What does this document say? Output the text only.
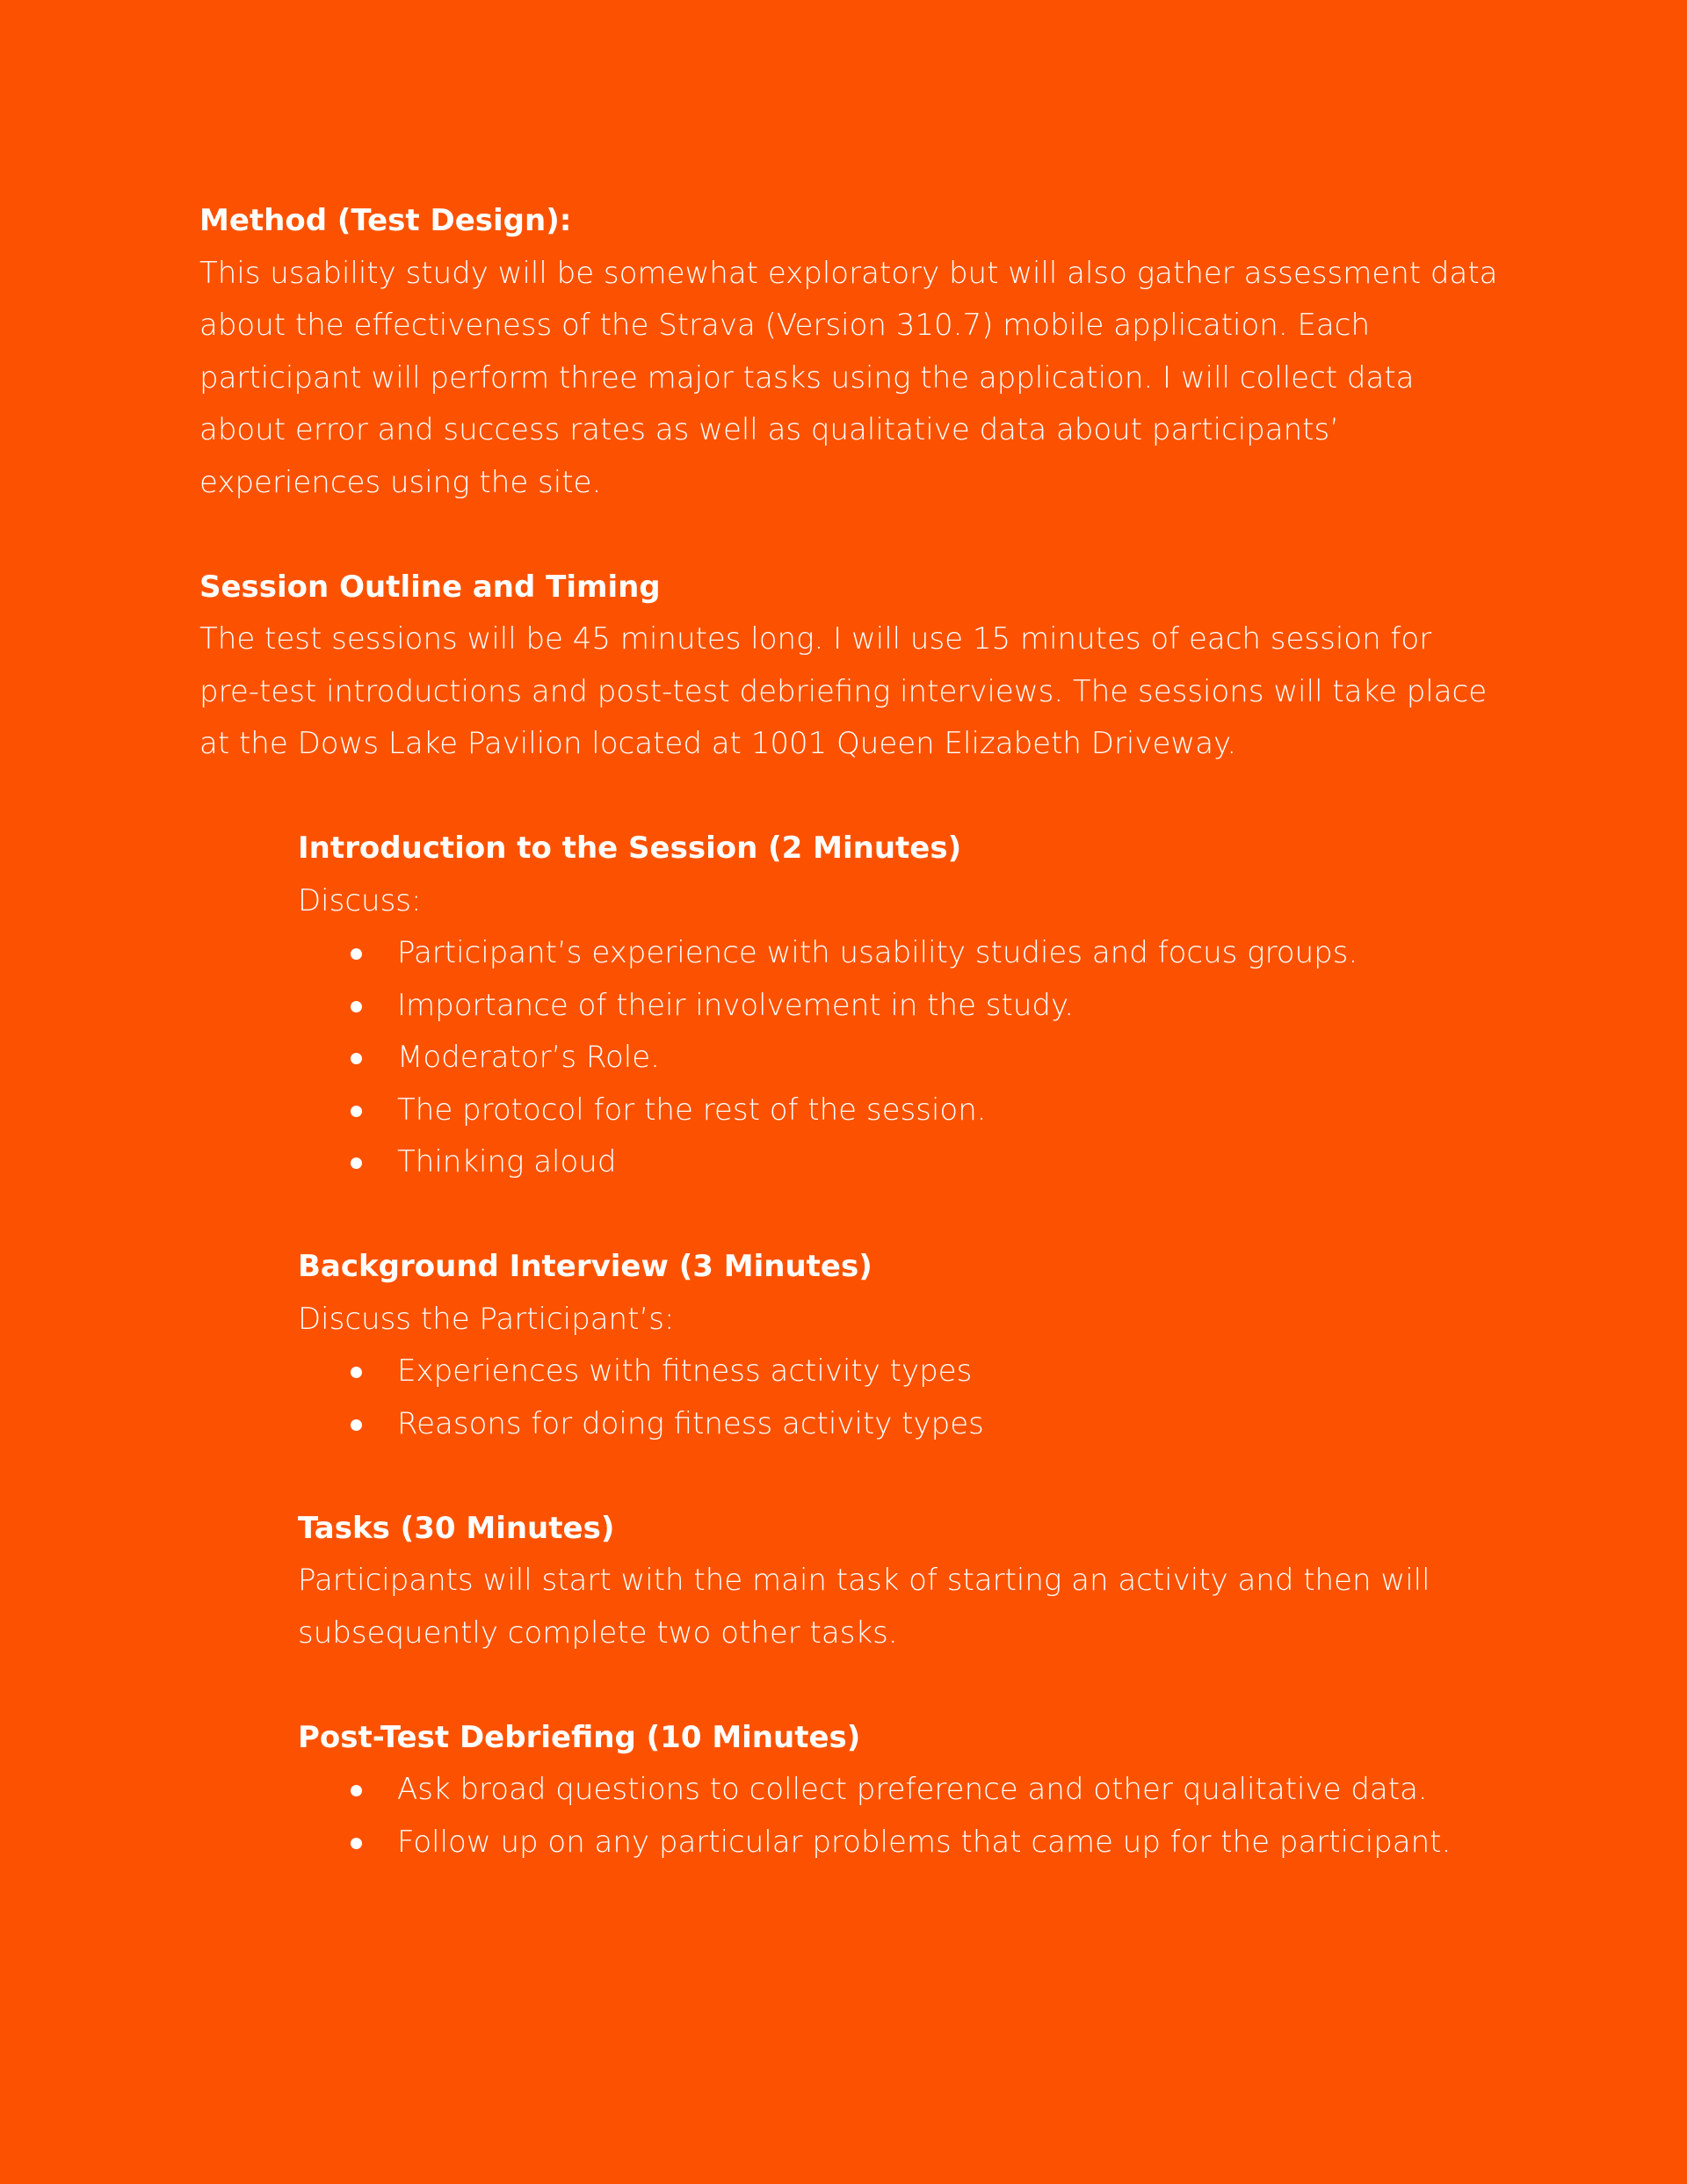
Method (Test Design):

This usability study will be somewhat exploratory but will also gather assessment data

about the effectiveness of the Strava (Version 310.7) mobile application. Each

participant will perform three major tasks using the application. I will collect data

about error and success rates as well as qualitative data about participants’

experiences using the site.

Session Outline and Timing

The test sessions will be 45 minutes long. I will use 15 minutes of each session for

pre-test introductions and post-test debriefing interviews. The sessions will take place

at the Dows Lake Pavilion located at 1001 Queen Elizabeth Driveway.

Introduction to the Session (2 Minutes)

Discuss:

Participant’s experience with usability studies and focus groups.
Importance of their involvement in the study.
Moderator’s Role.
The protocol for the rest of the session.
Thinking aloud
Background Interview (3 Minutes)

Discuss the Participant’s:

Experiences with fitness activity types
Reasons for doing fitness activity types
Tasks (30 Minutes)

Participants will start with the main task of starting an activity and then will

subsequently complete two other tasks.

Post-Test Debriefing (10 Minutes)
Ask broad questions to collect preference and other qualitative data.
Follow up on any particular problems that came up for the participant.
